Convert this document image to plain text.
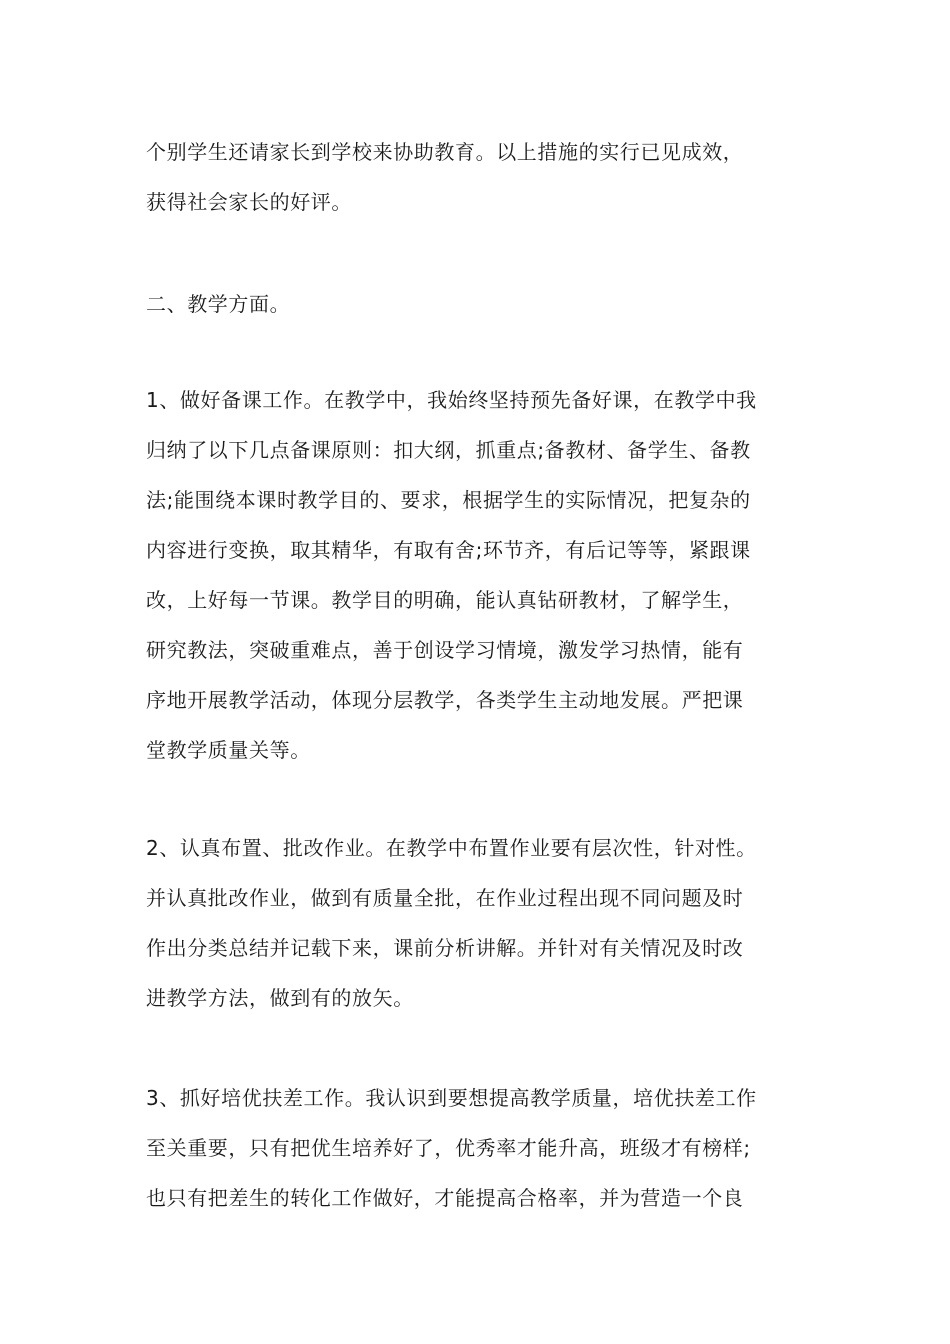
个别学生还请家长到学校来协助教育。以上措施的实行已见成效，
获得社会家长的好评。
二、教学方面。
1、做好备课工作。在教学中，我始终坚持预先备好课，在教学中我
归纳了以下几点备课原则：扣大纲，抓重点;备教材、备学生、备教
法;能围绕本课时教学目的、要求，根据学生的实际情况，把复杂的
内容进行变换，取其精华，有取有舍;环节齐，有后记等等，紧跟课
改，上好每一节课。教学目的明确，能认真钻研教材，了解学生，
研究教法，突破重难点，善于创设学习情境，激发学习热情，能有
序地开展教学活动，体现分层教学，各类学生主动地发展。严把课
堂教学质量关等。
2、认真布置、批改作业。在教学中布置作业要有层次性，针对性。
并认真批改作业，做到有质量全批，在作业过程出现不同问题及时
作出分类总结并记载下来，课前分析讲解。并针对有关情况及时改
进教学方法，做到有的放矢。
3、抓好培优扶差工作。我认识到要想提高教学质量，培优扶差工作
至关重要，只有把优生培养好了，优秀率才能升高，班级才有榜样;
也只有把差生的转化工作做好，才能提高合格率，并为营造一个良
